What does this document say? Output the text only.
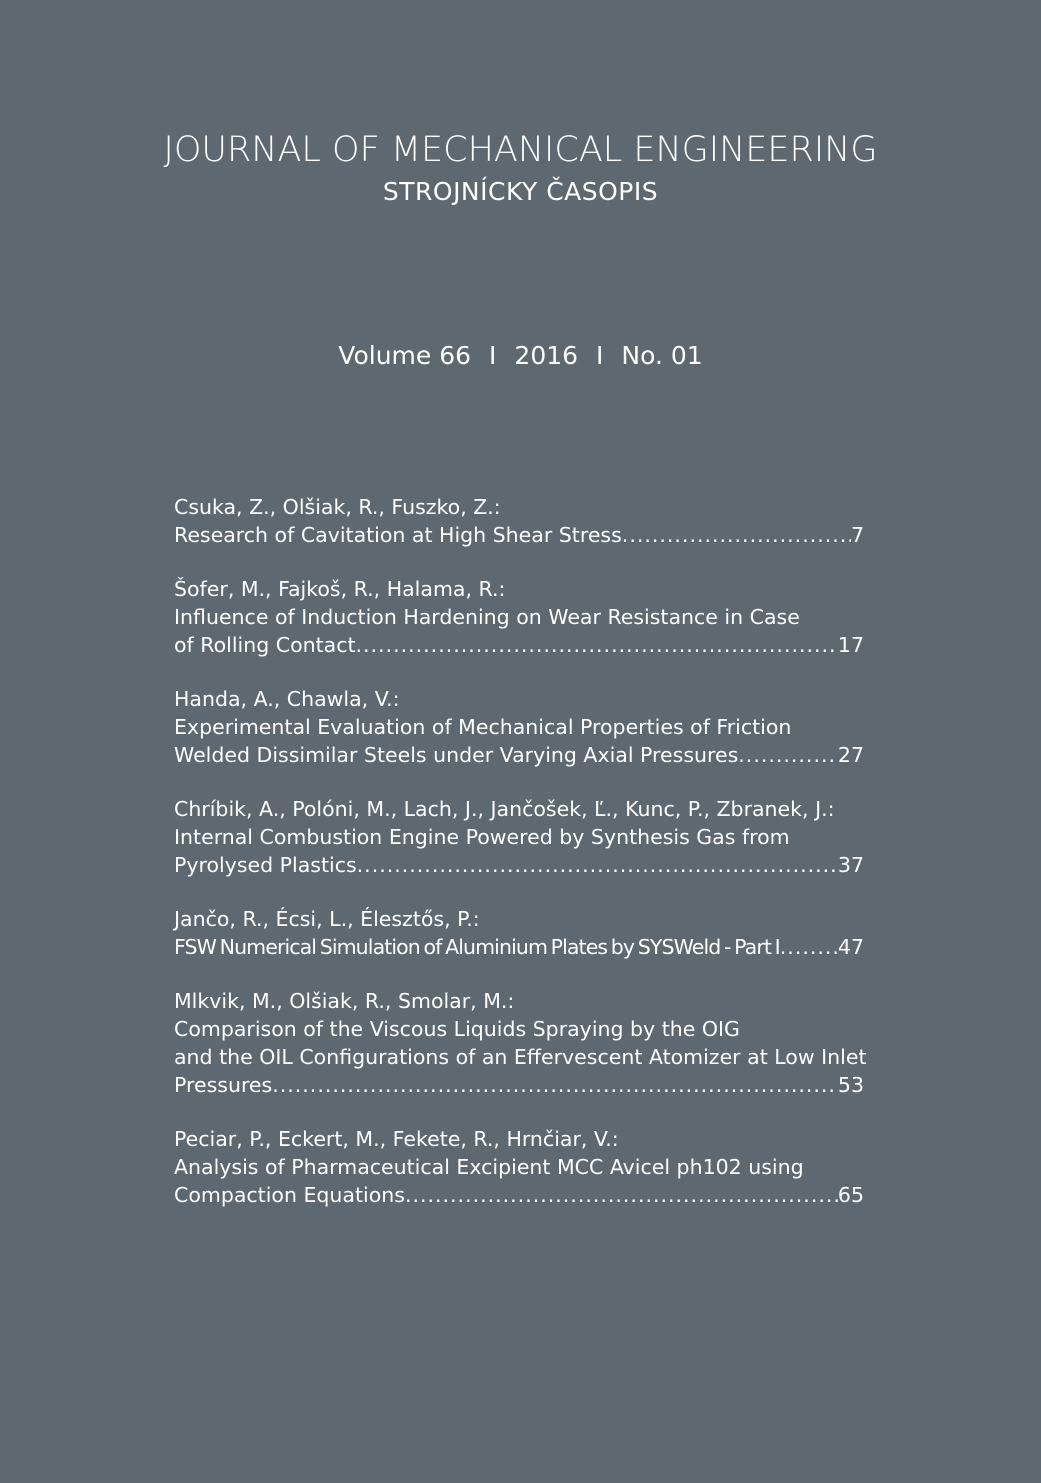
JOURNAL OF MECHANICAL ENGINEERING

STROJNÍCKY ČASOPIS

Volume 66 I 2016 I No. 01
Csuka, Z., Olšiak, R., Fuszko, Z.:
Research of Cavitation at High Shear Stress .....	7
Šofer, M., Fajkoš, R., Halama, R.:
Influence of Induction Hardening on Wear Resistance in Case
of Rolling Contact .....	17
Handa, A., Chawla, V.:
Experimental Evaluation of Mechanical Properties of Friction
Welded Dissimilar Steels under Varying Axial Pressures .....	27
Chríbik, A., Polóni, M., Lach, J., Jančošek, Ľ., Kunc, P., Zbranek, J.:
Internal Combustion Engine Powered by Synthesis Gas from
Pyrolysed Plastics .....	37
Jančo, R., Écsi, L., Élesztős, P.:
FSW Numerical Simulation of Aluminium Plates by SYSWeld - Part I .....	47
Mlkvik, M., Olšiak, R., Smolar, M.:
Comparison of the Viscous Liquids Spraying by the OIG
and the OIL Configurations of an Effervescent Atomizer at Low Inlet
Pressures .....	53
Peciar, P., Eckert, M., Fekete, R., Hrnčiar, V.:
Analysis of Pharmaceutical Excipient MCC Avicel ph102 using
Compaction Equations .....	65
